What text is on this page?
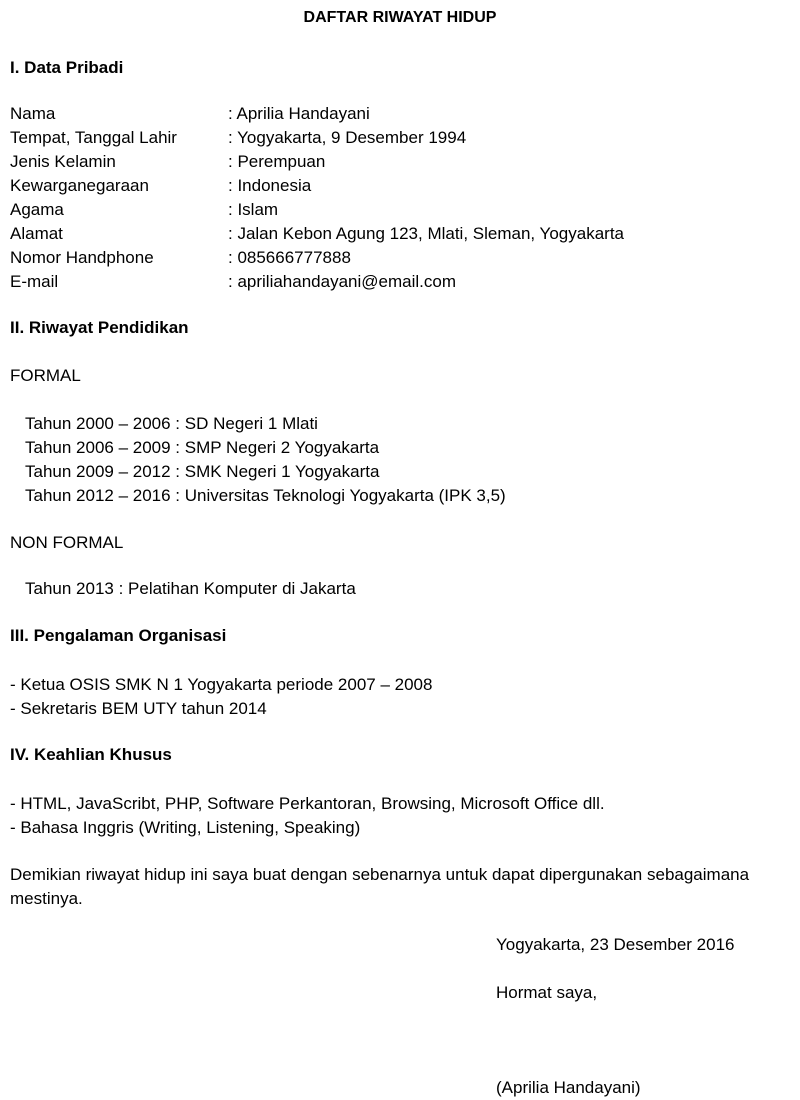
DAFTAR RIWAYAT HIDUP
I. Data Pribadi
Nama	: Aprilia Handayani
Tempat, Tanggal Lahir	: Yogyakarta, 9 Desember 1994
Jenis Kelamin	: Perempuan
Kewarganegaraan	: Indonesia
Agama	: Islam
Alamat	: Jalan Kebon Agung 123, Mlati, Sleman, Yogyakarta
Nomor Handphone	: 085666777888
E-mail	: apriliahandayani@email.com
II. Riwayat Pendidikan
FORMAL
Tahun 2000 – 2006 : SD Negeri 1 Mlati
Tahun 2006 – 2009 : SMP Negeri 2 Yogyakarta
Tahun 2009 – 2012 : SMK Negeri 1 Yogyakarta
Tahun 2012 – 2016 : Universitas Teknologi Yogyakarta (IPK 3,5)
NON FORMAL
Tahun 2013 : Pelatihan Komputer di Jakarta
III. Pengalaman Organisasi
- Ketua OSIS SMK N 1 Yogyakarta periode 2007 – 2008
- Sekretaris BEM UTY tahun 2014
IV. Keahlian Khusus
- HTML, JavaScribt, PHP, Software Perkantoran, Browsing, Microsoft Office dll.
- Bahasa Inggris (Writing, Listening, Speaking)
Demikian riwayat hidup ini saya buat dengan sebenarnya untuk dapat dipergunakan sebagaimana
mestinya.
Yogyakarta, 23 Desember 2016
Hormat saya,
(Aprilia Handayani)
